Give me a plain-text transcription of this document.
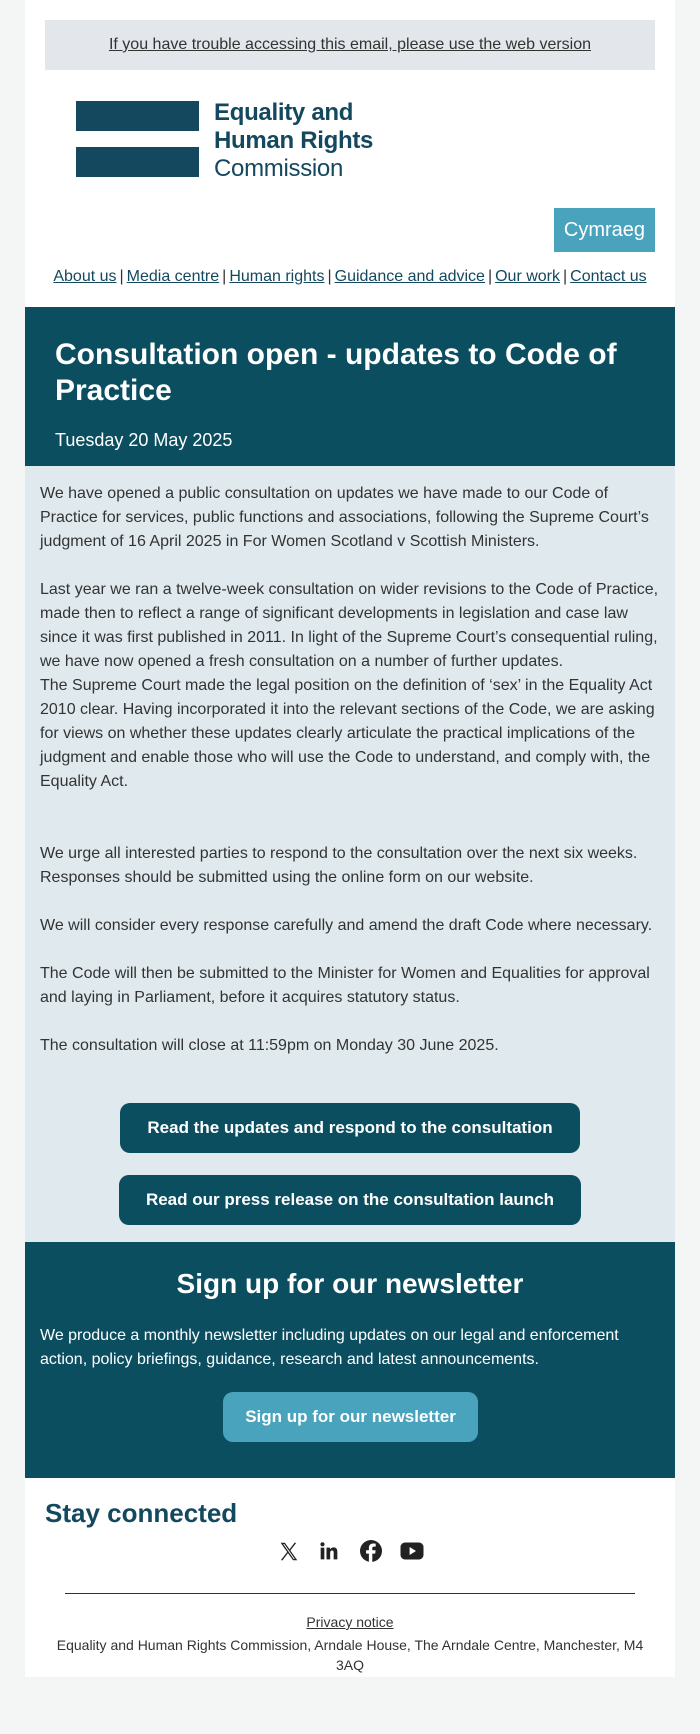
If you have trouble accessing this email, please use the web version
Equality and
Human Rights
Commission
Cymraeg
About us | Media centre | Human rights | Guidance and advice | Our work | Contact us
Consultation open - updates to Code of Practice
Tuesday 20 May 2025

We have opened a public consultation on updates we have made to our Code of Practice for services, public functions and associations, following the Supreme Court’s judgment of 16 April 2025 in For Women Scotland v Scottish Ministers.

Last year we ran a twelve-week consultation on wider revisions to the Code of Practice, made then to reflect a range of significant developments in legislation and case law since it was first published in 2011. In light of the Supreme Court’s consequential ruling, we have now opened a fresh consultation on a number of further updates.

The Supreme Court made the legal position on the definition of ‘sex’ in the Equality Act 2010 clear. Having incorporated it into the relevant sections of the Code, we are asking for views on whether these updates clearly articulate the practical implications of the judgment and enable those who will use the Code to understand, and comply with, the Equality Act.

We urge all interested parties to respond to the consultation over the next six weeks. Responses should be submitted using the online form on our website.

We will consider every response carefully and amend the draft Code where necessary.

The Code will then be submitted to the Minister for Women and Equalities for approval and laying in Parliament, before it acquires statutory status.

The consultation will close at 11:59pm on Monday 30 June 2025.

Read the updates and respond to the consultation
Read our press release on the consultation launch
Sign up for our newsletter

We produce a monthly newsletter including updates on our legal and enforcement action, policy briefings, guidance, research and latest announcements.

Sign up for our newsletter
Stay connected
Privacy notice
Equality and Human Rights Commission, Arndale House, The Arndale Centre, Manchester, M4 3AQ
